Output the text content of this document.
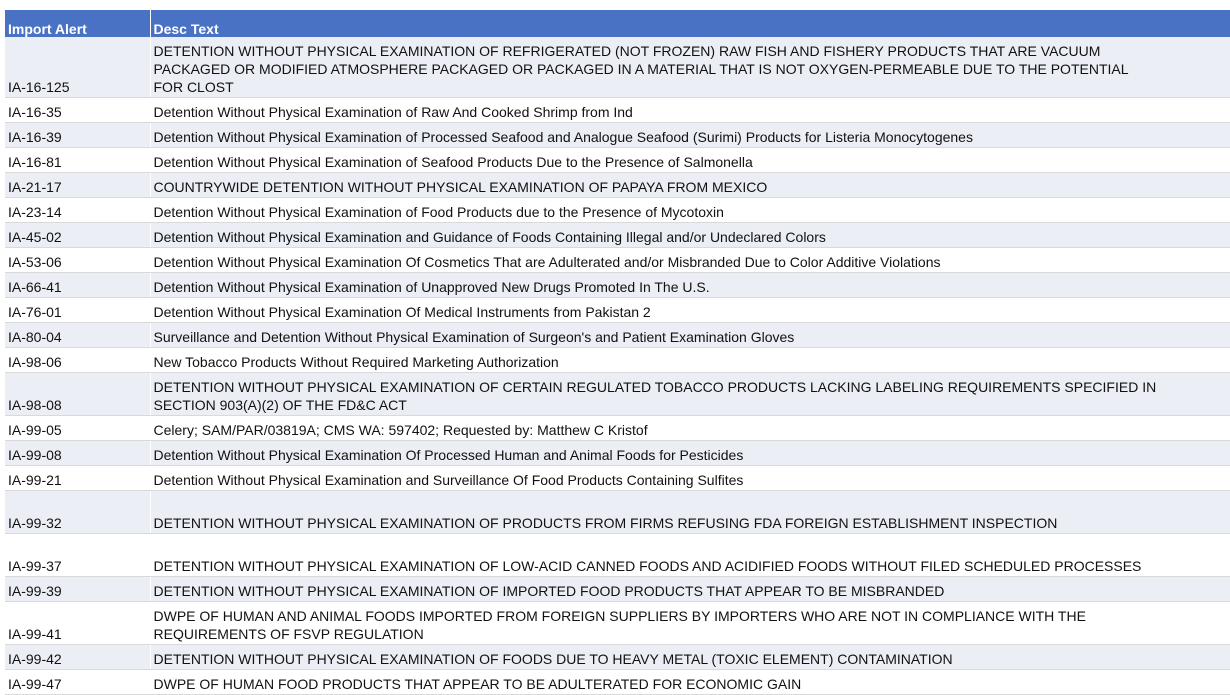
Import Alert	Desc Text
IA-16-125	DETENTION WITHOUT PHYSICAL EXAMINATION OF REFRIGERATED (NOT FROZEN) RAW FISH AND FISHERY PRODUCTS THAT ARE VACUUM PACKAGED OR MODIFIED ATMOSPHERE PACKAGED OR PACKAGED IN A MATERIAL THAT IS NOT OXYGEN-PERMEABLE DUE TO THE POTENTIAL FOR CLOST
IA-16-35	Detention Without Physical Examination of Raw And Cooked Shrimp from Ind
IA-16-39	Detention Without Physical Examination of Processed Seafood and Analogue Seafood (Surimi) Products for Listeria Monocytogenes
IA-16-81	Detention Without Physical Examination of Seafood Products Due to the Presence of Salmonella
IA-21-17	COUNTRYWIDE DETENTION WITHOUT PHYSICAL EXAMINATION OF PAPAYA FROM MEXICO
IA-23-14	Detention Without Physical Examination of Food Products due to the Presence of Mycotoxin
IA-45-02	Detention Without Physical Examination and Guidance of Foods Containing Illegal and/or Undeclared Colors
IA-53-06	Detention Without Physical Examination Of Cosmetics That are Adulterated and/or Misbranded Due to Color Additive Violations
IA-66-41	Detention Without Physical Examination of Unapproved New Drugs Promoted In The U.S.
IA-76-01	Detention Without Physical Examination Of Medical Instruments from Pakistan 2
IA-80-04	Surveillance and Detention Without Physical Examination of Surgeon's and Patient Examination Gloves
IA-98-06	New Tobacco Products Without Required Marketing Authorization
IA-98-08	DETENTION WITHOUT PHYSICAL EXAMINATION OF CERTAIN REGULATED TOBACCO PRODUCTS LACKING LABELING REQUIREMENTS SPECIFIED IN SECTION 903(A)(2) OF THE FD&C ACT
IA-99-05	Celery; SAM/PAR/03819A; CMS WA: 597402; Requested by: Matthew C Kristof
IA-99-08	Detention Without Physical Examination Of Processed Human and Animal Foods for Pesticides
IA-99-21	Detention Without Physical Examination and Surveillance Of Food Products Containing Sulfites
IA-99-32	DETENTION WITHOUT PHYSICAL EXAMINATION OF PRODUCTS FROM FIRMS REFUSING FDA FOREIGN ESTABLISHMENT INSPECTION
IA-99-37	DETENTION WITHOUT PHYSICAL EXAMINATION OF LOW-ACID CANNED FOODS AND ACIDIFIED FOODS WITHOUT FILED SCHEDULED PROCESSES
IA-99-39	DETENTION WITHOUT PHYSICAL EXAMINATION OF IMPORTED FOOD PRODUCTS THAT APPEAR TO BE MISBRANDED
IA-99-41	DWPE OF HUMAN AND ANIMAL FOODS IMPORTED FROM FOREIGN SUPPLIERS BY IMPORTERS WHO ARE NOT IN COMPLIANCE WITH THE REQUIREMENTS OF FSVP REGULATION
IA-99-42	DETENTION WITHOUT PHYSICAL EXAMINATION OF FOODS DUE TO HEAVY METAL (TOXIC ELEMENT) CONTAMINATION
IA-99-47	DWPE OF HUMAN FOOD PRODUCTS THAT APPEAR TO BE ADULTERATED FOR ECONOMIC GAIN
